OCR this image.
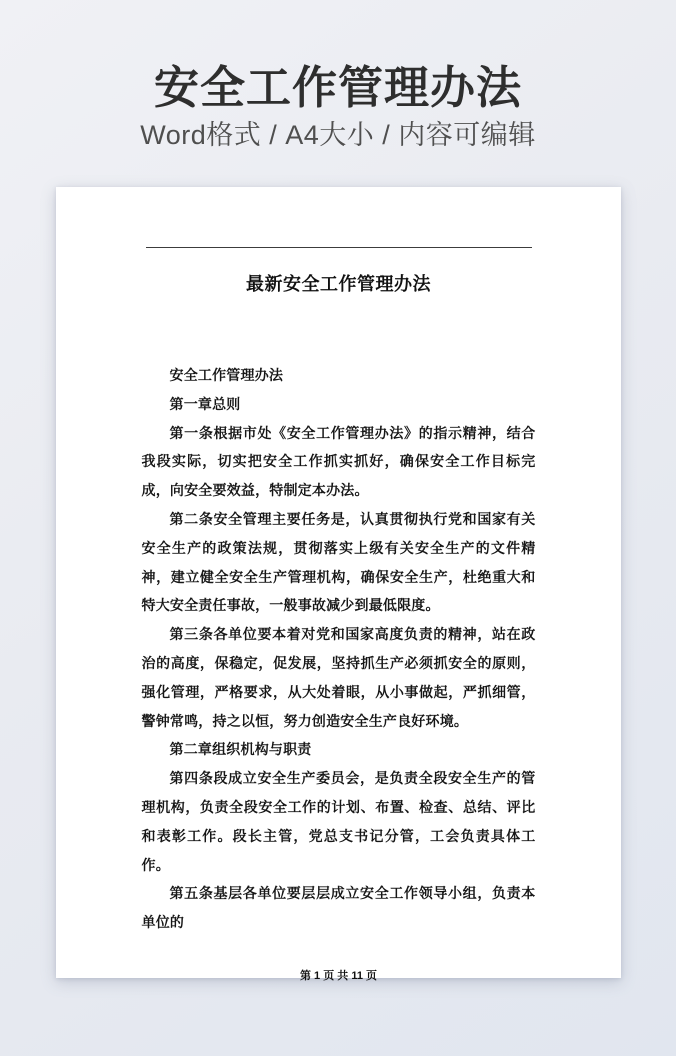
安全工作管理办法
Word格式 / A4大小 / 内容可编辑
最新安全工作管理办法

安全工作管理办法

第一章总则

第一条根据市处《安全工作管理办法》的指示精神，结合我段实际，切实把安全工作抓实抓好，确保安全工作目标完成，向安全要效益，特制定本办法。

第二条安全管理主要任务是，认真贯彻执行党和国家有关安全生产的政策法规，贯彻落实上级有关安全生产的文件精神，建立健全安全生产管理机构，确保安全生产，杜绝重大和特大安全责任事故，一般事故减少到最低限度。

第三条各单位要本着对党和国家高度负责的精神，站在政治的高度，保稳定，促发展，坚持抓生产必须抓安全的原则，强化管理，严格要求，从大处着眼，从小事做起，严抓细管，警钟常鸣，持之以恒，努力创造安全生产良好环境。

第二章组织机构与职责

第四条段成立安全生产委员会，是负责全段安全生产的管理机构，负责全段安全工作的计划、布置、检查、总结、评比和表彰工作。段长主管，党总支书记分管，工会负责具体工作。

第五条基层各单位要层层成立安全工作领导小组，负责本单位的

第 1 页 共 11 页
